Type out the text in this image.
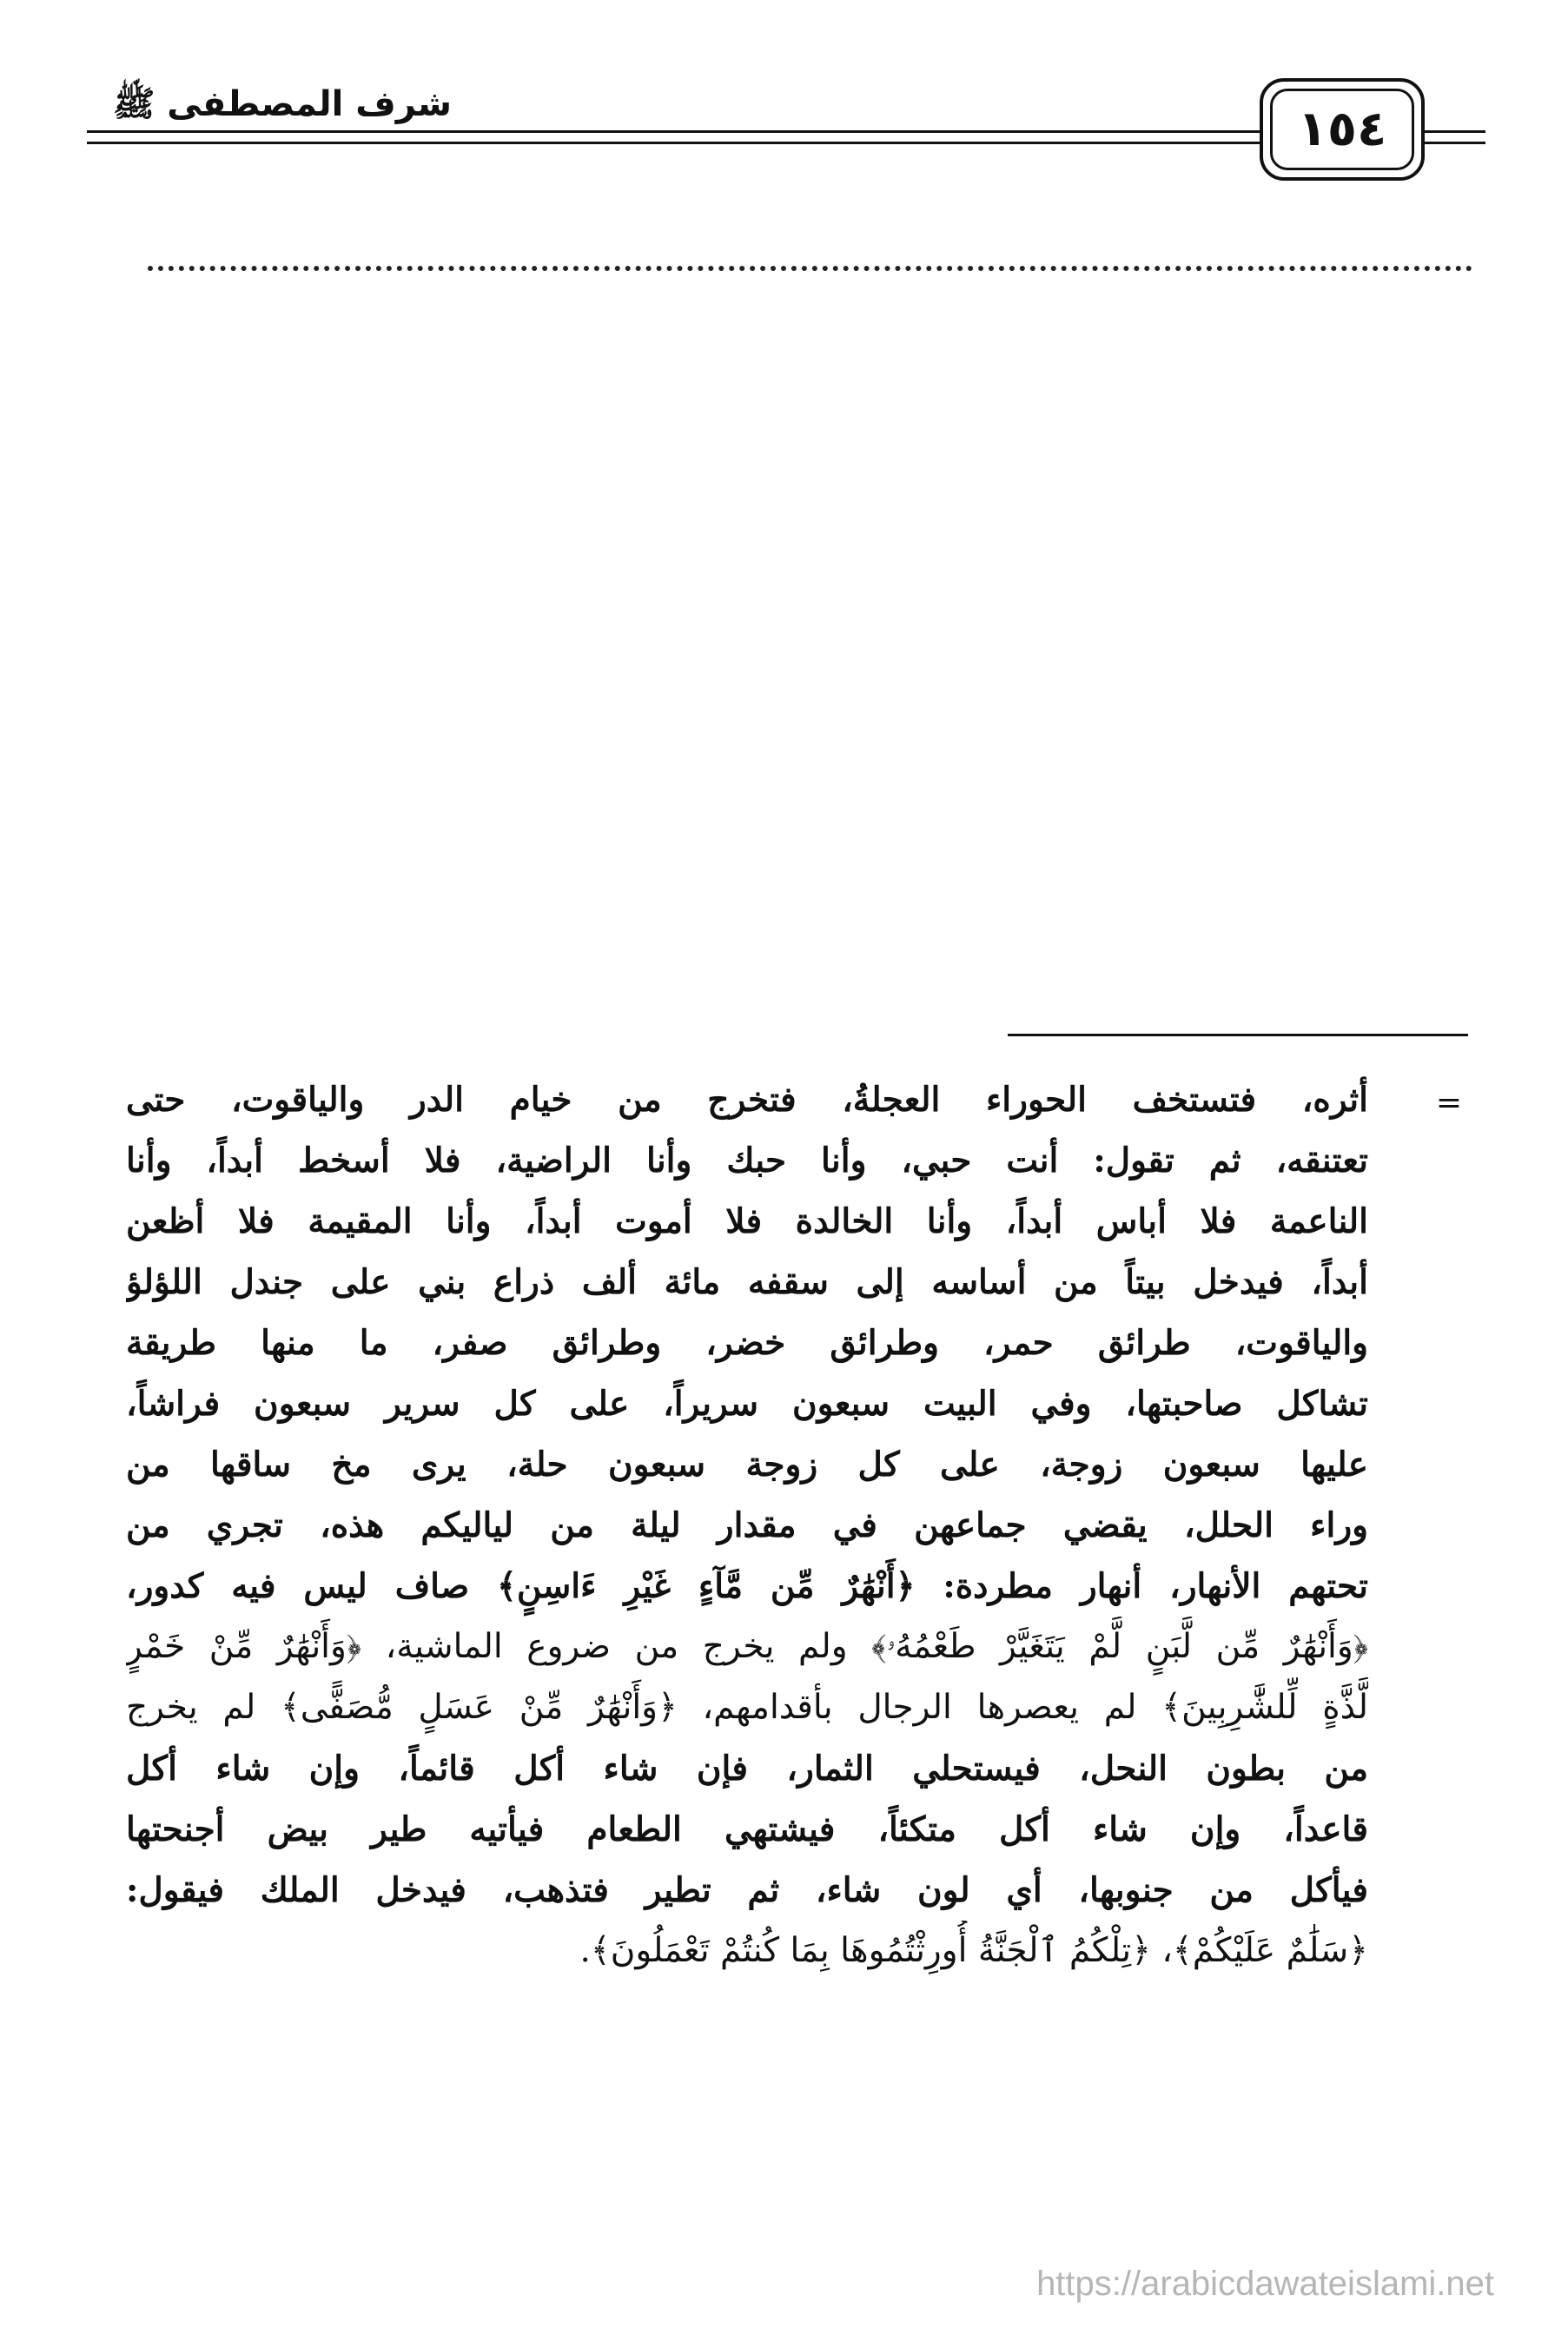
شرف المصطفى ﷺ	١٥٤
=
أثره، فتستخف الحوراء العجلةُ، فتخرج من خيام الدر والياقوت، حتى
تعتنقه، ثم تقول: أنت حبي، وأنا حبك وأنا الراضية، فلا أسخط أبداً، وأنا
الناعمة فلا أباس أبداً، وأنا الخالدة فلا أموت أبداً، وأنا المقيمة فلا أظعن
أبداً، فيدخل بيتاً من أساسه إلى سقفه مائة ألف ذراع بني على جندل اللؤلؤ
والياقوت، طرائق حمر، وطرائق خضر، وطرائق صفر، ما منها طريقة
تشاكل صاحبتها، وفي البيت سبعون سريراً، على كل سرير سبعون فراشاً،
عليها سبعون زوجة، على كل زوجة سبعون حلة، يرى مخ ساقها من
وراء الحلل، يقضي جماعهن في مقدار ليلة من لياليكم هذه، تجري من
تحتهم الأنهار، أنهار مطردة: ﴿أَنْهَٰرٌ مِّن مَّآءٍ غَيْرِ ءَاسِنٍ﴾ صاف ليس فيه كدور،
﴿وَأَنْهَٰرٌ مِّن لَّبَنٍ لَّمْ يَتَغَيَّرْ طَعْمُهُۥ﴾ ولم يخرج من ضروع الماشية، ﴿وَأَنْهَٰرٌ مِّنْ خَمْرٍ
لَّذَّةٍ لِّلشَّٰرِبِينَ﴾ لم يعصرها الرجال بأقدامهم، ﴿وَأَنْهَٰرٌ مِّنْ عَسَلٍ مُّصَفًّى﴾ لم يخرج
من بطون النحل، فيستحلي الثمار، فإن شاء أكل قائماً، وإن شاء أكل
قاعداً، وإن شاء أكل متكئاً، فيشتهي الطعام فيأتيه طير بيض أجنحتها
فيأكل من جنوبها، أي لون شاء، ثم تطير فتذهب، فيدخل الملك فيقول:
﴿سَلَٰمٌ عَلَيْكُمْ﴾، ﴿تِلْكُمُ ٱلْجَنَّةُ أُورِثْتُمُوهَا بِمَا كُنتُمْ تَعْمَلُونَ﴾.
https://arabicdawateislami.net
